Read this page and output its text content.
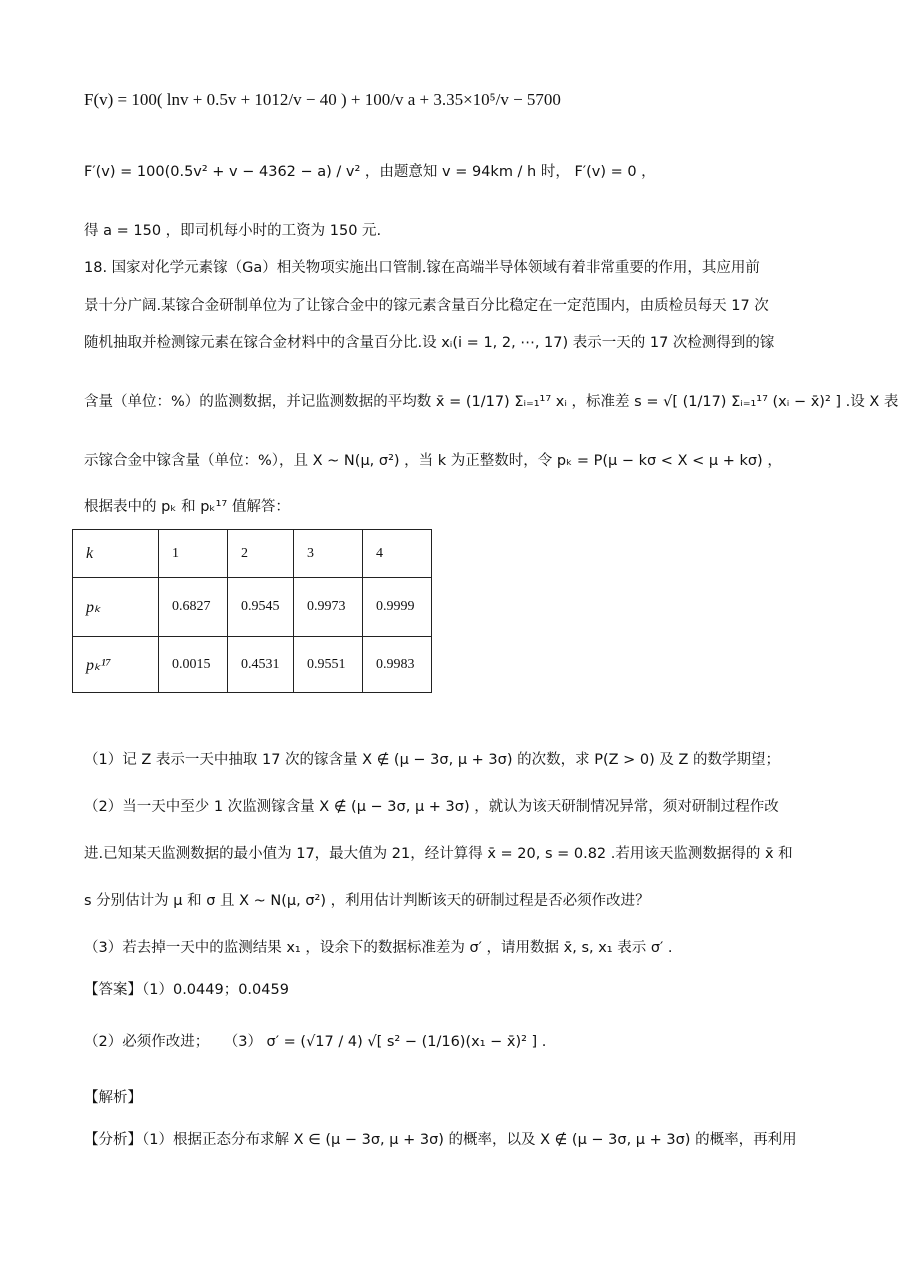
F(v) = 100( lnv + 0.5v + 1012/v − 40 ) + 100/v a + 3.35×10⁵/v − 5700
F′(v) = 100(0.5v² + v − 4362 − a) / v² ，由题意知 v = 94km / h 时， F′(v) = 0 ，
得 a = 150 ，即司机每小时的工资为 150 元.
18. 国家对化学元素镓（Ga）相关物项实施出口管制.镓在高端半导体领域有着非常重要的作用，其应用前
景十分广阔.某镓合金研制单位为了让镓合金中的镓元素含量百分比稳定在一定范围内，由质检员每天 17 次
随机抽取并检测镓元素在镓合金材料中的含量百分比.设 xᵢ(i = 1, 2, ⋯, 17) 表示一天的 17 次检测得到的镓
含量（单位：%）的监测数据，并记监测数据的平均数 x̄ = (1/17) Σᵢ₌₁¹⁷ xᵢ ，标准差 s = √[ (1/17) Σᵢ₌₁¹⁷ (xᵢ − x̄)² ] .设 X 表
示镓合金中镓含量（单位：%），且 X ~ N(μ, σ²) ，当 k 为正整数时，令 pₖ = P(μ − kσ < X < μ + kσ) ，
根据表中的 pₖ 和 pₖ¹⁷ 值解答：
k	1	2	3	4
pₖ	0.6827	0.9545	0.9973	0.9999
pₖ¹⁷	0.0015	0.4531	0.9551	0.9983
（1）记 Z 表示一天中抽取 17 次的镓含量 X ∉ (μ − 3σ, μ + 3σ) 的次数，求 P(Z > 0) 及 Z 的数学期望；
（2）当一天中至少 1 次监测镓含量 X ∉ (μ − 3σ, μ + 3σ) ，就认为该天研制情况异常，须对研制过程作改
进.已知某天监测数据的最小值为 17，最大值为 21，经计算得 x̄ = 20, s = 0.82 .若用该天监测数据得的 x̄ 和
s 分别估计为 μ 和 σ 且 X ~ N(μ, σ²) ，利用估计判断该天的研制过程是否必须作改进？
（3）若去掉一天中的监测结果 x₁ ，设余下的数据标准差为 σ′ ，请用数据 x̄, s, x₁ 表示 σ′ .
【答案】（1）0.0449；0.0459
（2）必须作改进；　　（3） σ′ = (√17 / 4) √[ s² − (1/16)(x₁ − x̄)² ] .
【解析】
【分析】（1）根据正态分布求解 X ∈ (μ − 3σ, μ + 3σ) 的概率，以及 X ∉ (μ − 3σ, μ + 3σ) 的概率，再利用
